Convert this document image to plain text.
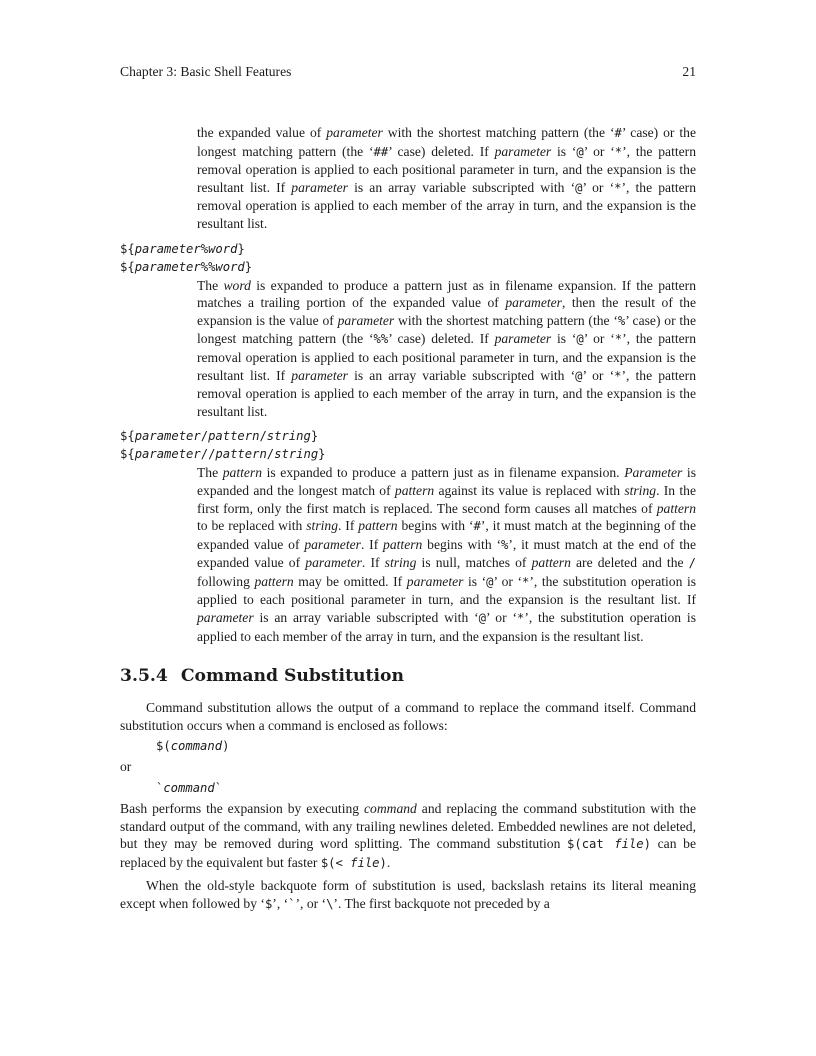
Chapter 3: Basic Shell Features	21
the expanded value of parameter with the shortest matching pattern (the ‘#’ case) or the longest matching pattern (the ‘##’ case) deleted. If parameter is ‘@’ or ‘*’, the pattern removal operation is applied to each positional parameter in turn, and the expansion is the resultant list. If parameter is an array variable subscripted with ‘@’ or ‘*’, the pattern removal operation is applied to each member of the array in turn, and the expansion is the resultant list.
${parameter%word}
${parameter%%word}
The word is expanded to produce a pattern just as in filename expansion. If the pattern matches a trailing portion of the expanded value of parameter, then the result of the expansion is the value of parameter with the shortest matching pattern (the ‘%’ case) or the longest matching pattern (the ‘%%’ case) deleted. If parameter is ‘@’ or ‘*’, the pattern removal operation is applied to each positional parameter in turn, and the expansion is the resultant list. If parameter is an array variable subscripted with ‘@’ or ‘*’, the pattern removal operation is applied to each member of the array in turn, and the expansion is the resultant list.
${parameter/pattern/string}
${parameter//pattern/string}
The pattern is expanded to produce a pattern just as in filename expansion. Parameter is expanded and the longest match of pattern against its value is replaced with string. In the first form, only the first match is replaced. The second form causes all matches of pattern to be replaced with string. If pattern begins with ‘#’, it must match at the beginning of the expanded value of parameter. If pattern begins with ‘%’, it must match at the end of the expanded value of parameter. If string is null, matches of pattern are deleted and the / following pattern may be omitted. If parameter is ‘@’ or ‘*’, the substitution operation is applied to each positional parameter in turn, and the expansion is the resultant list. If parameter is an array variable subscripted with ‘@’ or ‘*’, the substitution operation is applied to each member of the array in turn, and the expansion is the resultant list.
3.5.4 Command Substitution
Command substitution allows the output of a command to replace the command itself. Command substitution occurs when a command is enclosed as follows:
$(command)
or
`command`
Bash performs the expansion by executing command and replacing the command substitution with the standard output of the command, with any trailing newlines deleted. Embedded newlines are not deleted, but they may be removed during word splitting. The command substitution $(cat file) can be replaced by the equivalent but faster $(< file).
When the old-style backquote form of substitution is used, backslash retains its literal meaning except when followed by ‘$’, ‘`’, or ‘\’. The first backquote not preceded by a
